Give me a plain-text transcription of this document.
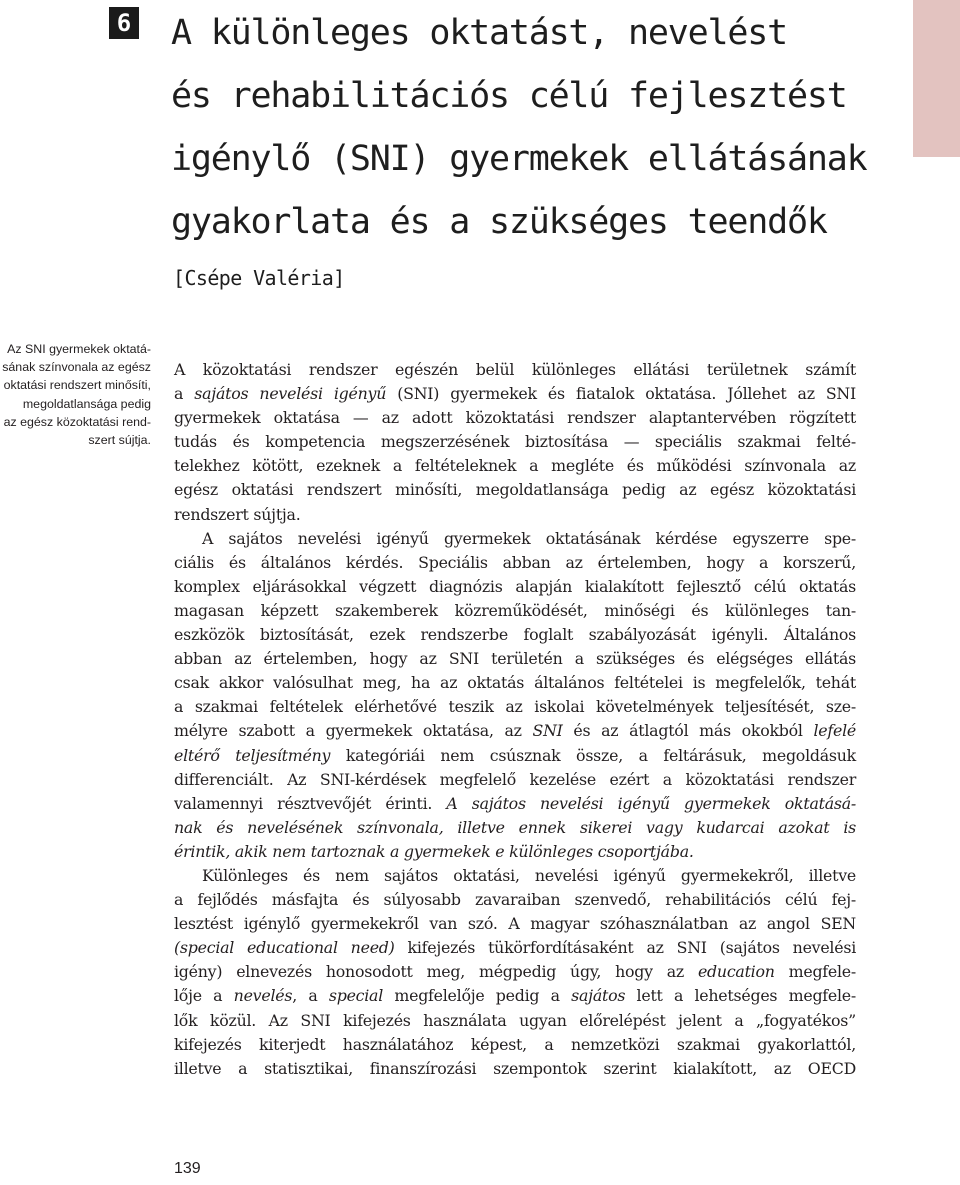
6 A különleges oktatást, nevelést
és rehabilitációs célú fejlesztést
igénylő (SNI) gyermekek ellátásának
gyakorlata és a szükséges teendők
[Csépe Valéria]
Az SNI gyermekek oktatá-
sának színvonala az egész
oktatási rendszert minősíti,
megoldatlansága pedig
az egész közoktatási rend-
szert sújtja.
A közoktatási rendszer egészén belül különleges ellátási területnek számít
a sajátos nevelési igényű (SNI) gyermekek és fiatalok oktatása. Jóllehet az SNI
gyermekek oktatása — az adott közoktatási rendszer alaptantervében rögzített
tudás és kompetencia megszerzésének biztosítása — speciális szakmai felté-
telekhez kötött, ezeknek a feltételeknek a megléte és működési színvonala az
egész oktatási rendszert minősíti, megoldatlansága pedig az egész közoktatási
rendszert sújtja.
A sajátos nevelési igényű gyermekek oktatásának kérdése egyszerre spe-
ciális és általános kérdés. Speciális abban az értelemben, hogy a korszerű,
komplex eljárásokkal végzett diagnózis alapján kialakított fejlesztő célú oktatás
magasan képzett szakemberek közreműködését, minőségi és különleges tan-
eszközök biztosítását, ezek rendszerbe foglalt szabályozását igényli. Általános
abban az értelemben, hogy az SNI területén a szükséges és elégséges ellátás
csak akkor valósulhat meg, ha az oktatás általános feltételei is megfelelők, tehát
a szakmai feltételek elérhetővé teszik az iskolai követelmények teljesítését, sze-
mélyre szabott a gyermekek oktatása, az SNI és az átlagtól más okokból lefelé
eltérő teljesítmény kategóriái nem csúsznak össze, a feltárásuk, megoldásuk
differenciált. Az SNI-kérdések megfelelő kezelése ezért a közoktatási rendszer
valamennyi résztvevőjét érinti. A sajátos nevelési igényű gyermekek oktatásá-
nak és nevelésének színvonala, illetve ennek sikerei vagy kudarcai azokat is
érintik, akik nem tartoznak a gyermekek e különleges csoportjába.
Különleges és nem sajátos oktatási, nevelési igényű gyermekekről, illetve
a fejlődés másfajta és súlyosabb zavaraiban szenvedő, rehabilitációs célú fej-
lesztést igénylő gyermekekről van szó. A magyar szóhasználatban az angol SEN
(special educational need) kifejezés tükörfordításaként az SNI (sajátos nevelési
igény) elnevezés honosodott meg, mégpedig úgy, hogy az education megfele-
lője a nevelés, a special megfelelője pedig a sajátos lett a lehetséges megfele-
lők közül. Az SNI kifejezés használata ugyan előrelépést jelent a „fogyatékos”
kifejezés kiterjedt használatához képest, a nemzetközi szakmai gyakorlattól,
illetve a statisztikai, finanszírozási szempontok szerint kialakított, az OECD
139
